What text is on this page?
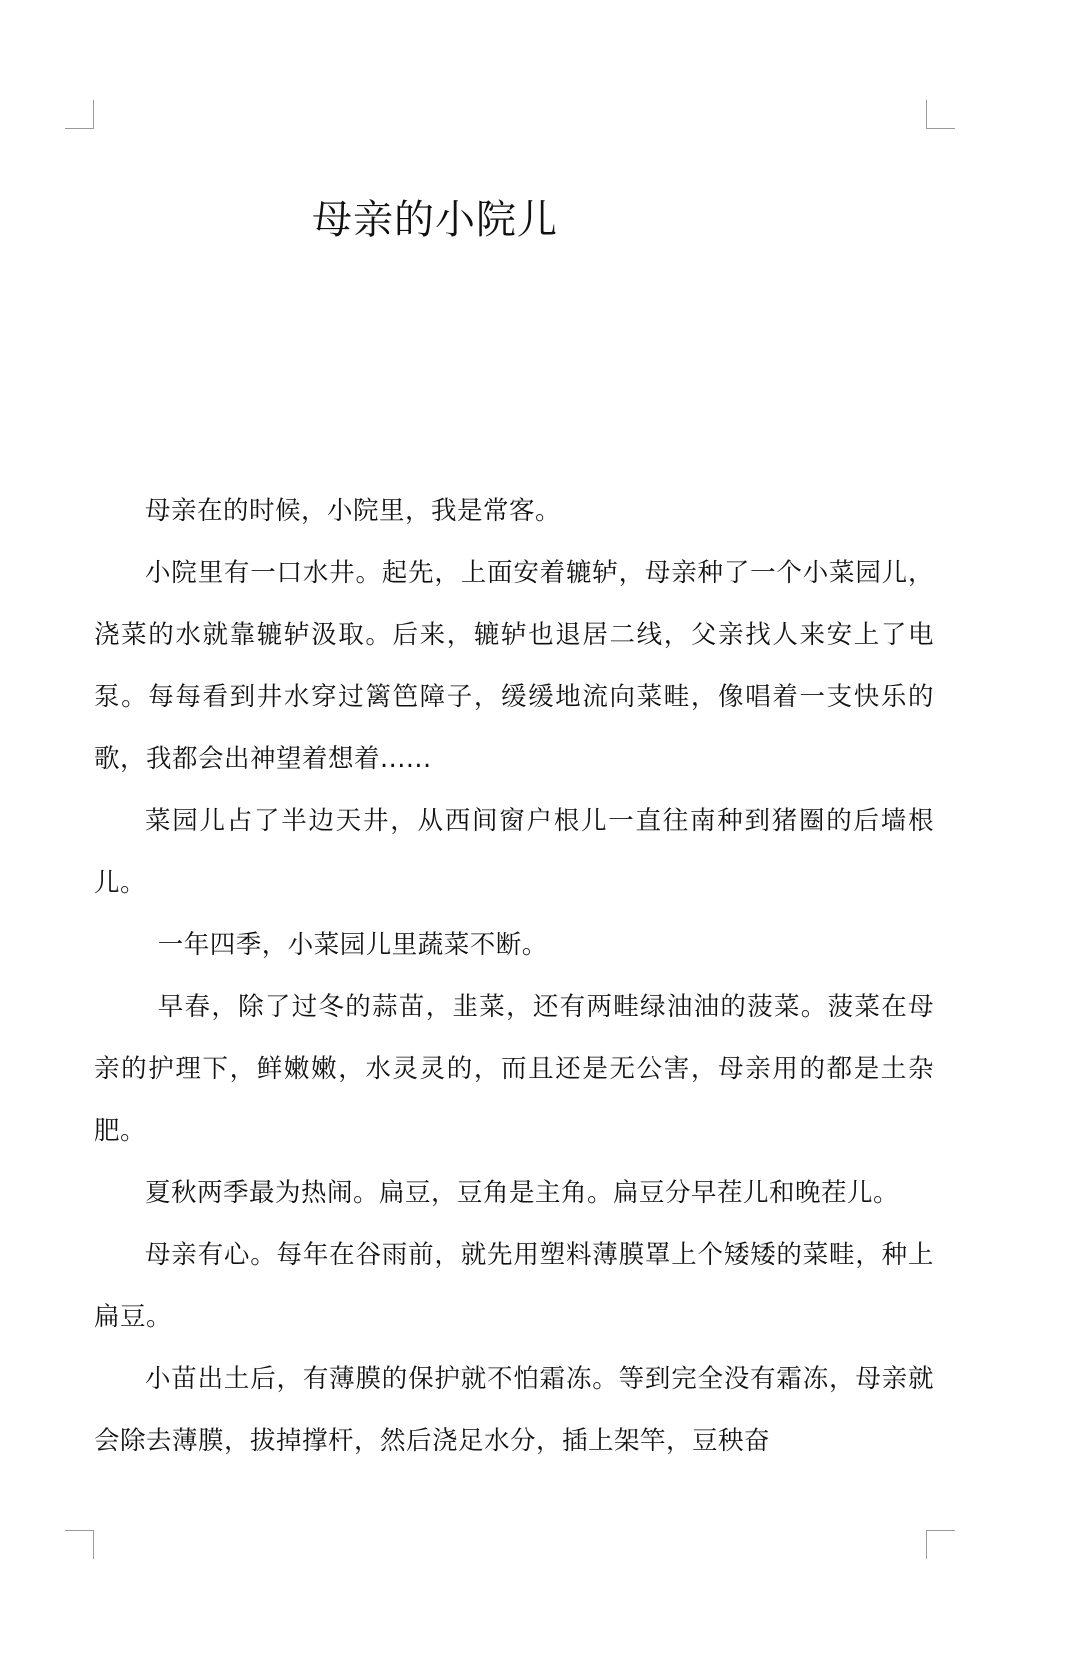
母亲的小院儿

母亲在的时候，小院里，我是常客。

小院里有一口水井。起先，上面安着辘轳，母亲种了一个小菜园儿，浇菜的水就靠辘轳汲取。后来，辘轳也退居二线，父亲找人来安上了电泵。每每看到井水穿过篱笆障子，缓缓地流向菜畦，像唱着一支快乐的歌，我都会出神望着想着......

菜园儿占了半边天井，从西间窗户根儿一直往南种到猪圈的后墙根儿。

一年四季，小菜园儿里蔬菜不断。

早春，除了过冬的蒜苗，韭菜，还有两畦绿油油的菠菜。菠菜在母亲的护理下，鲜嫩嫩，水灵灵的，而且还是无公害，母亲用的都是土杂肥。

夏秋两季最为热闹。扁豆，豆角是主角。扁豆分早茬儿和晚茬儿。

母亲有心。每年在谷雨前，就先用塑料薄膜罩上个矮矮的菜畦，种上扁豆。

小苗出土后，有薄膜的保护就不怕霜冻。等到完全没有霜冻，母亲就会除去薄膜，拔掉撑杆，然后浇足水分，插上架竿，豆秧奋
